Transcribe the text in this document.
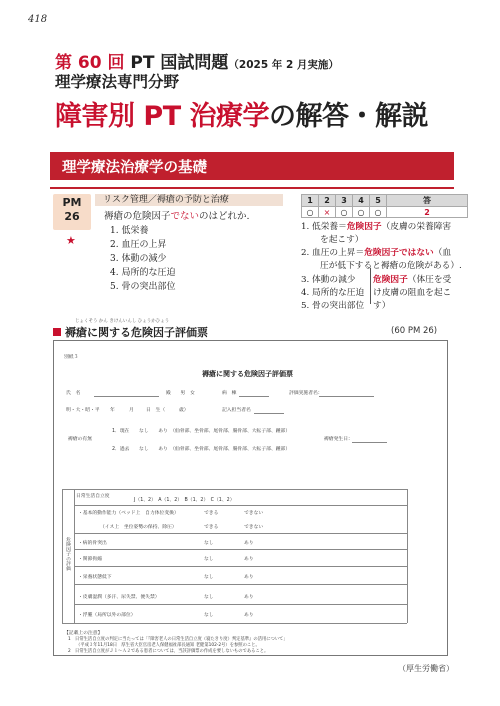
418
第 60 回 PT 国試問題（2025 年 2 月実施）
理学療法専門分野
障害別 PT 治療学の解答・解説
理学療法治療学の基礎
PM
26
★
リスク管理／褥瘡の予防と治療
褥瘡の危険因子でないのはどれか.
1. 低栄養
2. 血圧の上昇
3. 体動の減少
4. 局所的な圧迫
5. 骨の突出部位
1	2	3	4	5	答
○	×	○	○	○	2
1. 低栄養＝危険因子（皮膚の栄養障害
を起こす）
2. 血圧の上昇＝危険因子ではない（血
圧が低下すると褥瘡の危険がある）.
3. 体動の減少
4. 局所的な圧迫
5. 骨の突出部位
危険因子（体圧を受
け皮膚の阻血を起こ
す）
じょくそう かん きけんいんし ひょうかひょう
褥瘡に関する危険因子評価票	(60 PM 26)
別紙３
褥瘡に関する危険因子評価票
氏　名	殿　　男　女	病　棟	評価実施者名：
明・大・昭・平 年	月	日　生（	歳）	記入担当者名
褥瘡の有無
1．現在　　なし　　あり　（仙骨部、坐骨部、尾骨部、腸骨部、大転子部、踵部）
2．過去　　なし　　あり　（仙骨部、坐骨部、尾骨部、腸骨部、大転子部、踵部）
褥瘡発生日：
日常生活自立度
J（1、2）　A（1、2）　B（1、2）　C（1、2）
危険因子の評価
・基本的動作能力（ベッド上　自力体位変換）	できる	できない
（イス上　坐位姿勢の保持、除圧）	できる	できない
・病的骨突出	なし	あり
・関節拘縮	なし	あり
・栄養状態低下	なし	あり
・皮膚湿潤（多汗、尿失禁、便失禁）	なし	あり
・浮腫（局所以外の部位）	なし	あり
【記載上の注意】
1　日常生活自立度の判定に当たっては「『障害老人の日常生活自立度（寝たきり度）判定基準』の活用について」
（平成３年11月18日　厚生省大臣官房老人保健福祉部長通知 老健第102-2号）を参照のこと。
2　日常生活自立度がＪ１～Ａ２である患者については、当該評価票の作成を要しないものであること。
（厚生労働省）
